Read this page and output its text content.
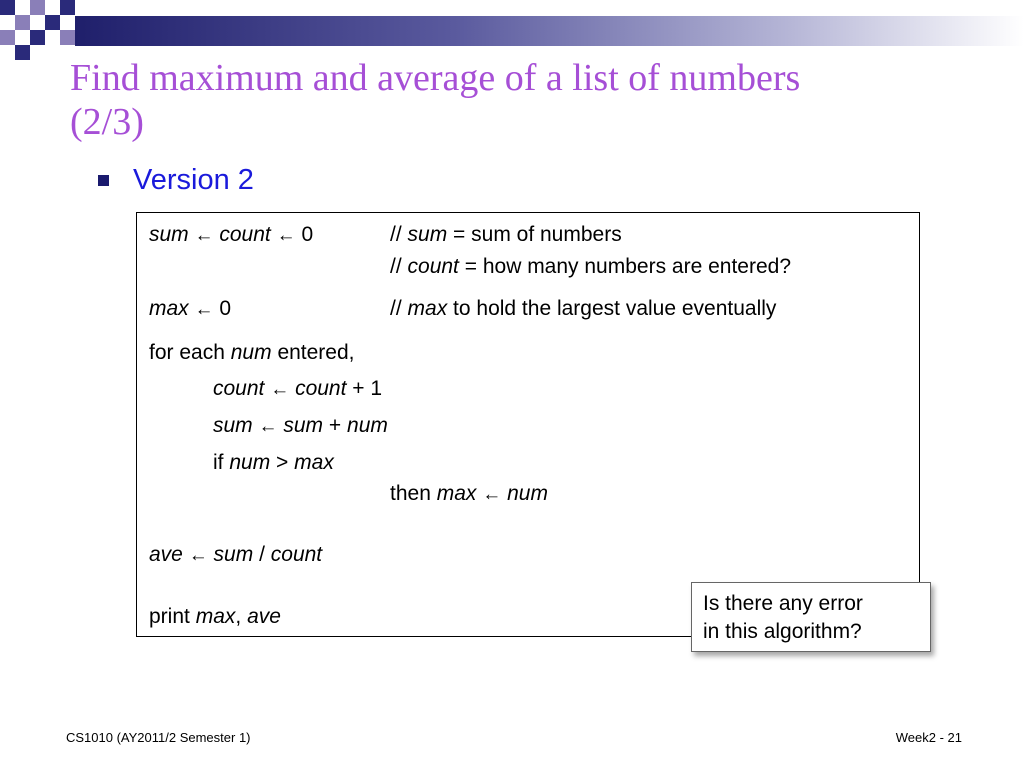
Find maximum and average of a list of numbers
(2/3)
Version 2
sum ← count ← 0	// sum = sum of numbers
// count = how many numbers are entered?
max ← 0	// max to hold the largest value eventually
for each num entered,
count ← count + 1
sum ← sum + num
if num > max
then max ← num
ave ← sum / count
print max, ave
Is there any error
in this algorithm?
CS1010 (AY2011/2 Semester 1)	Week2 - 21
